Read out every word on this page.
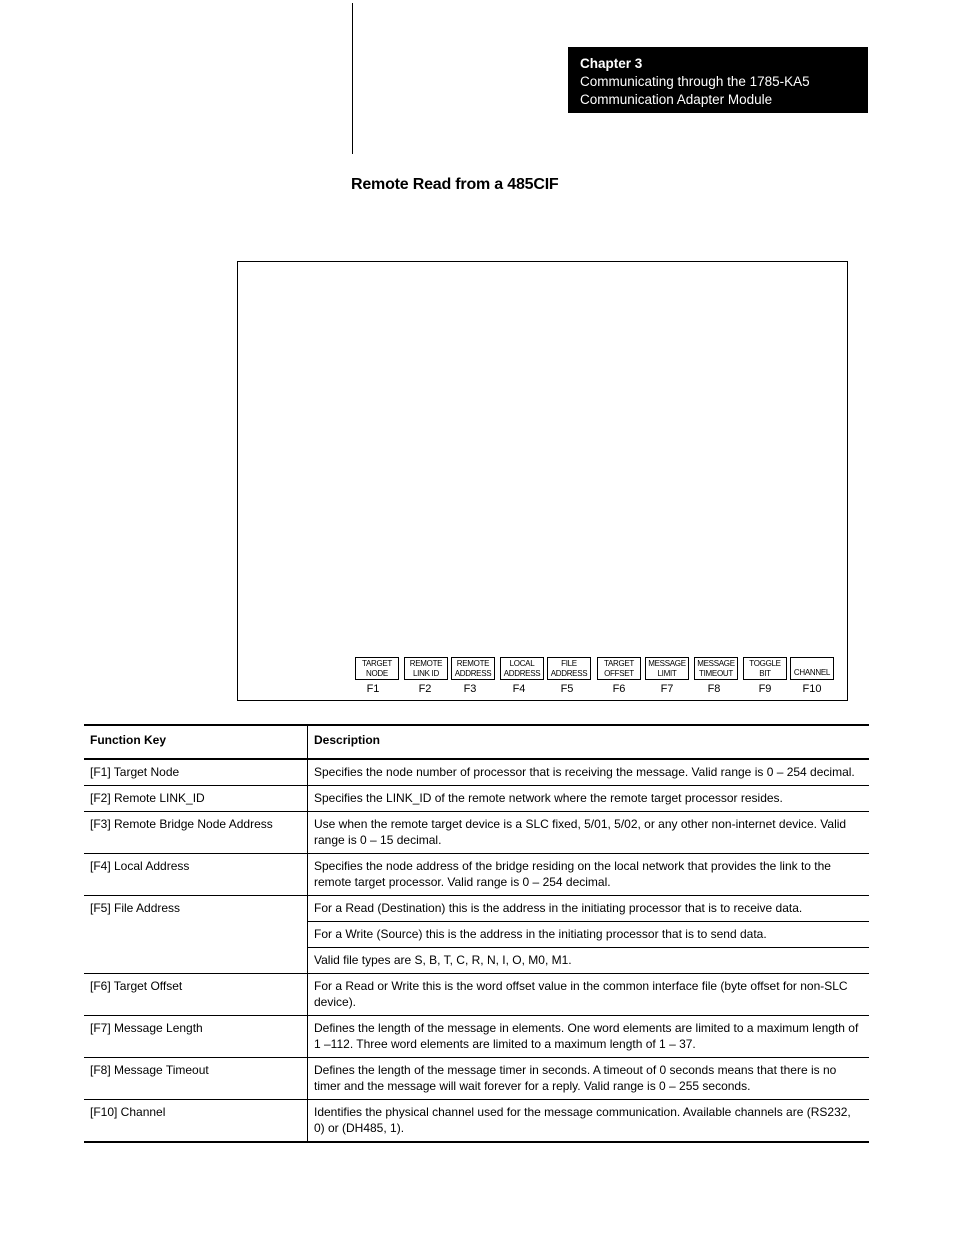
Chapter 3
Communicating through the 1785-KA5
Communication Adapter Module
Remote Read from a 485CIF
TARGET
NODE
F1
REMOTE
LINK ID
F2
REMOTE
ADDRESS
F3
LOCAL
ADDRESS
F4
FILE
ADDRESS
F5
TARGET
OFFSET
F6
MESSAGE
LIMIT
F7
MESSAGE
TIMEOUT
F8
TOGGLE
BIT
F9
CHANNEL
F10
Function Key	Description
[F1] Target Node	Specifies the node number of processor that is receiving the message. Valid range is 0 – 254 decimal.
[F2] Remote LINK_ID	Specifies the LINK_ID of the remote network where the remote target processor resides.
[F3] Remote Bridge Node Address	Use when the remote target device is a SLC fixed, 5/01, 5/02, or any other non-internet device. Valid range is 0 – 15 decimal.
[F4] Local Address	Specifies the node address of the bridge residing on the local network that provides the link to the remote target processor. Valid range is 0 – 254 decimal.
[F5] File Address	For a Read (Destination) this is the address in the initiating processor that is to receive data.
	For a Write (Source) this is the address in the initiating processor that is to send data.
	Valid file types are S, B, T, C, R, N, I, O, M0, M1.
[F6] Target Offset	For a Read or Write this is the word offset value in the common interface file (byte offset for non-SLC device).
[F7] Message Length	Defines the length of the message in elements. One word elements are limited to a maximum length of 1 –112. Three word elements are limited to a maximum length of 1 – 37.
[F8] Message Timeout	Defines the length of the message timer in seconds. A timeout of 0 seconds means that there is no timer and the message will wait forever for a reply. Valid range is 0 – 255 seconds.
[F10] Channel	Identifies the physical channel used for the message communication. Available channels are (RS232, 0) or (DH485, 1).
